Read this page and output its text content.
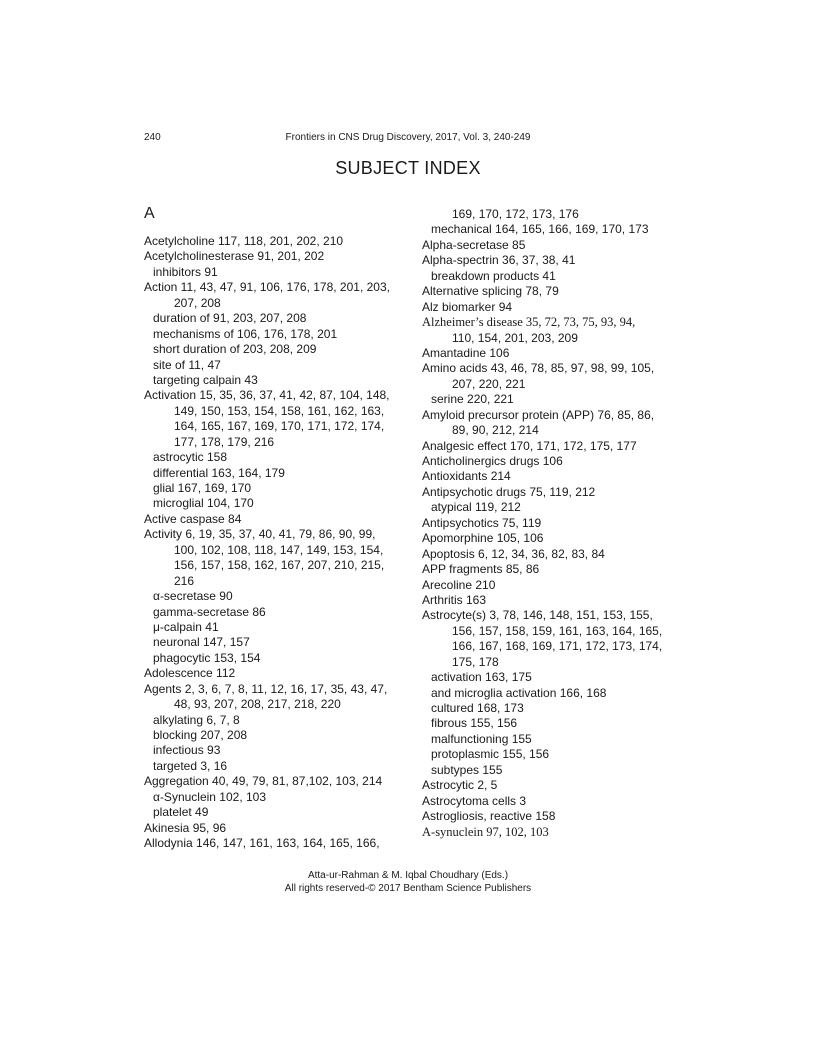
240	Frontiers in CNS Drug Discovery, 2017, Vol. 3, 240-249
SUBJECT INDEX
A
Acetylcholine 117, 118, 201, 202, 210
Acetylcholinesterase 91, 201, 202
inhibitors 91
Action 11, 43, 47, 91, 106, 176, 178, 201, 203,
207, 208
duration of 91, 203, 207, 208
mechanisms of 106, 176, 178, 201
short duration of 203, 208, 209
site of 11, 47
targeting calpain 43
Activation 15, 35, 36, 37, 41, 42, 87, 104, 148,
149, 150, 153, 154, 158, 161, 162, 163,
164, 165, 167, 169, 170, 171, 172, 174,
177, 178, 179, 216
astrocytic 158
differential 163, 164, 179
glial 167, 169, 170
microglial 104, 170
Active caspase 84
Activity 6, 19, 35, 37, 40, 41, 79, 86, 90, 99,
100, 102, 108, 118, 147, 149, 153, 154,
156, 157, 158, 162, 167, 207, 210, 215,
216
α-secretase 90
gamma-secretase 86
μ-calpain 41
neuronal 147, 157
phagocytic 153, 154
Adolescence 112
Agents 2, 3, 6, 7, 8, 11, 12, 16, 17, 35, 43, 47,
48, 93, 207, 208, 217, 218, 220
alkylating 6, 7, 8
blocking 207, 208
infectious 93
targeted 3, 16
Aggregation 40, 49, 79, 81, 87,102, 103, 214
α-Synuclein 102, 103
platelet 49
Akinesia 95, 96
Allodynia 146, 147, 161, 163, 164, 165, 166,
169, 170, 172, 173, 176
mechanical 164, 165, 166, 169, 170, 173
Alpha-secretase 85
Alpha-spectrin 36, 37, 38, 41
breakdown products 41
Alternative splicing 78, 79
Alz biomarker 94
Alzheimer’s disease 35, 72, 73, 75, 93, 94,
110, 154, 201, 203, 209
Amantadine 106
Amino acids 43, 46, 78, 85, 97, 98, 99, 105,
207, 220, 221
serine 220, 221
Amyloid precursor protein (APP) 76, 85, 86,
89, 90, 212, 214
Analgesic effect 170, 171, 172, 175, 177
Anticholinergics drugs 106
Antioxidants 214
Antipsychotic drugs 75, 119, 212
atypical 119, 212
Antipsychotics 75, 119
Apomorphine 105, 106
Apoptosis 6, 12, 34, 36, 82, 83, 84
APP fragments 85, 86
Arecoline 210
Arthritis 163
Astrocyte(s) 3, 78, 146, 148, 151, 153, 155,
156, 157, 158, 159, 161, 163, 164, 165,
166, 167, 168, 169, 171, 172, 173, 174,
175, 178
activation 163, 175
and microglia activation 166, 168
cultured 168, 173
fibrous 155, 156
malfunctioning 155
protoplasmic 155, 156
subtypes 155
Astrocytic 2, 5
Astrocytoma cells 3
Astrogliosis, reactive 158
A-synuclein 97, 102, 103
Atta-ur-Rahman & M. Iqbal Choudhary (Eds.)
All rights reserved-© 2017 Bentham Science Publishers
